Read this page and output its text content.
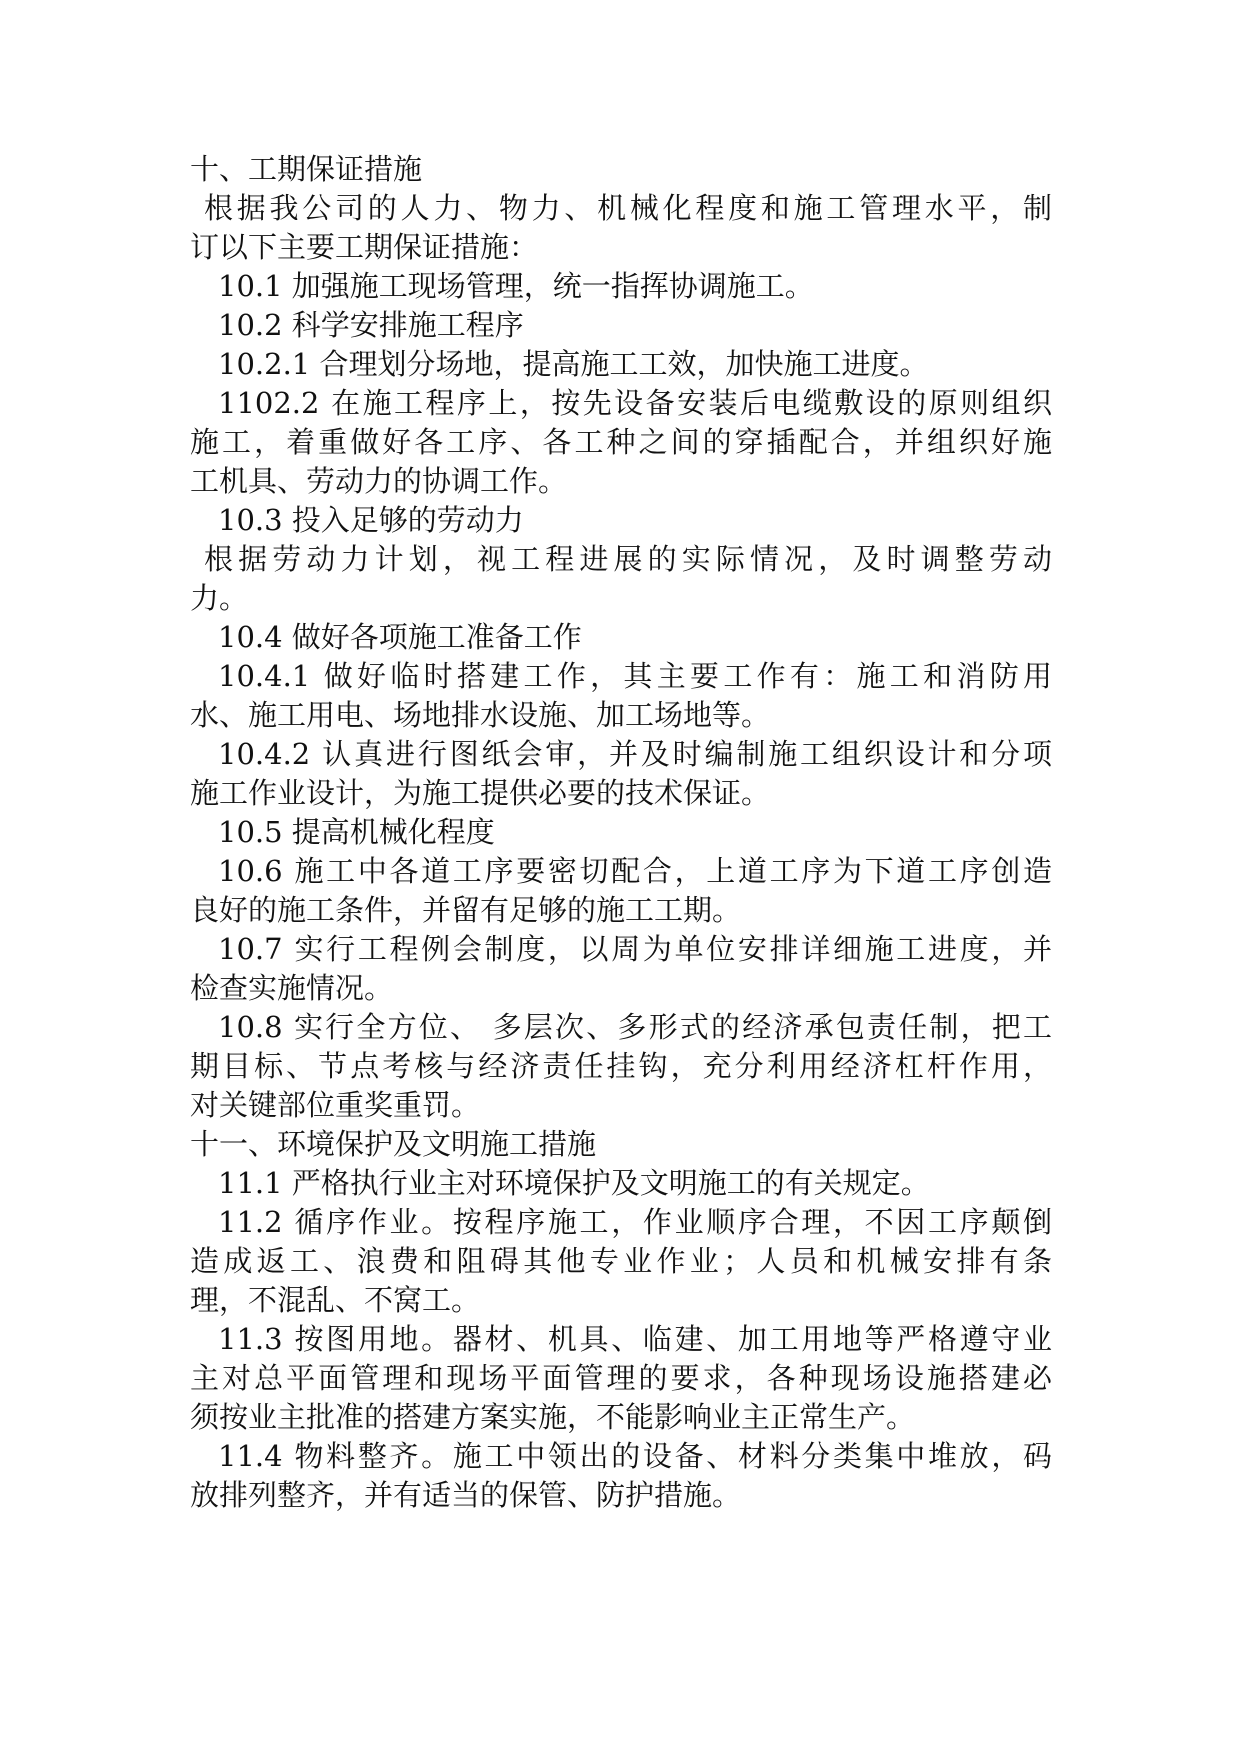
十、工期保证措施
根据我公司的人力、物力、机械化程度和施工管理水平，制
订以下主要工期保证措施：
10.1 加强施工现场管理，统一指挥协调施工。
10.2 科学安排施工程序
10.2.1 合理划分场地，提高施工工效，加快施工进度。
1102.2 在施工程序上，按先设备安装后电缆敷设的原则组织
施工，着重做好各工序、各工种之间的穿插配合，并组织好施
工机具、劳动力的协调工作。
10.3 投入足够的劳动力
根据劳动力计划，视工程进展的实际情况，及时调整劳动
力。
10.4 做好各项施工准备工作
10.4.1 做好临时搭建工作，其主要工作有：施工和消防用
水、施工用电、场地排水设施、加工场地等。
10.4.2 认真进行图纸会审，并及时编制施工组织设计和分项
施工作业设计，为施工提供必要的技术保证。
10.5 提高机械化程度
10.6 施工中各道工序要密切配合，上道工序为下道工序创造
良好的施工条件，并留有足够的施工工期。
10.7 实行工程例会制度，以周为单位安排详细施工进度，并
检查实施情况。
10.8 实行全方位、 多层次、多形式的经济承包责任制，把工
期目标、节点考核与经济责任挂钩，充分利用经济杠杆作用，
对关键部位重奖重罚。
十一、环境保护及文明施工措施
11.1 严格执行业主对环境保护及文明施工的有关规定。
11.2 循序作业。按程序施工，作业顺序合理，不因工序颠倒
造成返工、浪费和阻碍其他专业作业；人员和机械安排有条
理，不混乱、不窝工。
11.3 按图用地。器材、机具、临建、加工用地等严格遵守业
主对总平面管理和现场平面管理的要求，各种现场设施搭建必
须按业主批准的搭建方案实施，不能影响业主正常生产。
11.4 物料整齐。施工中领出的设备、材料分类集中堆放，码
放排列整齐，并有适当的保管、防护措施。
